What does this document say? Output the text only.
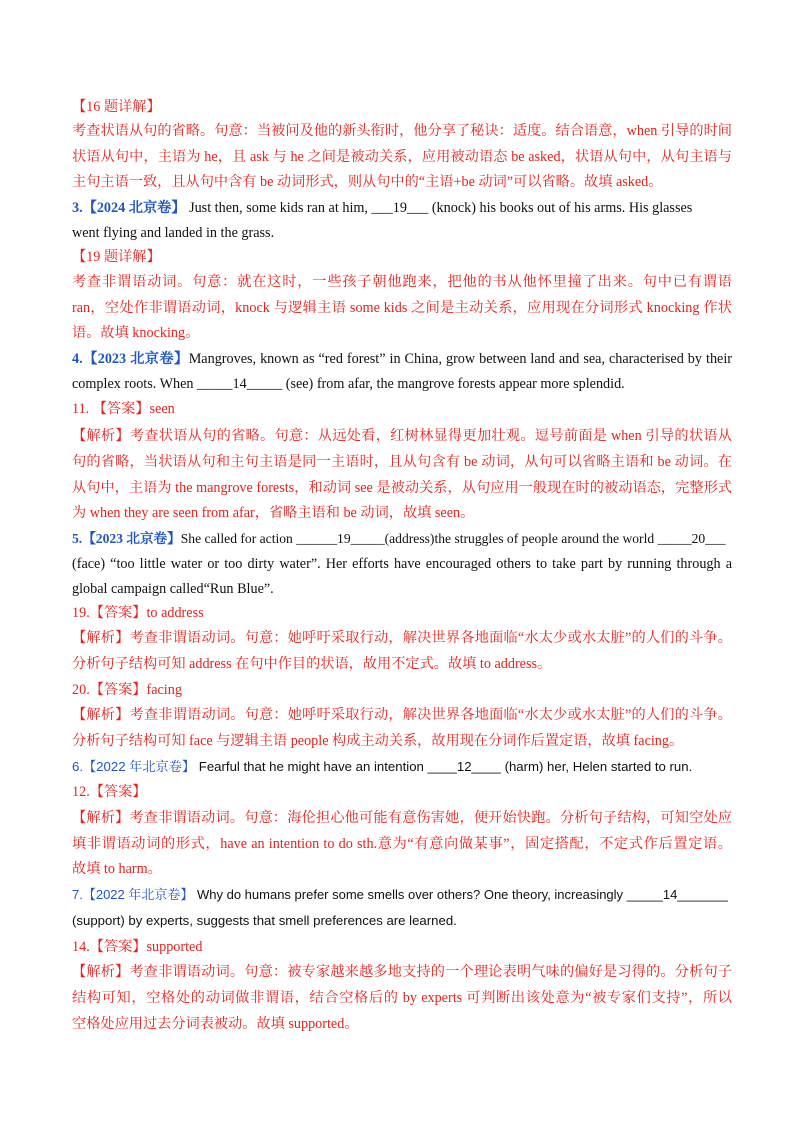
【16 题详解】
考查状语从句的省略。句意：当被问及他的新头衔时，他分享了秘诀：适度。结合语意，when 引导的时间
状语从句中，主语为 he，且 ask 与 he 之间是被动关系，应用被动语态 be asked，状语从句中，从句主语与
主句主语一致，且从句中含有 be 动词形式，则从句中的“主语+be 动词”可以省略。故填 asked。
3.【2024 北京卷】 Just then, some kids ran at him, ___19___ (knock) his books out of his arms. His glasses
went flying and landed in the grass.
【19 题详解】
考查非谓语动词。句意：就在这时，一些孩子朝他跑来，把他的书从他怀里撞了出来。句中已有谓语
ran，空处作非谓语动词，knock 与逻辑主语 some kids 之间是主动关系，应用现在分词形式 knocking 作状
语。故填 knocking。
4.【2023 北京卷】Mangroves, known as “red forest” in China, grow between land and sea, characterised by their
complex roots. When _____14_____ (see) from afar, the mangrove forests appear more splendid.
11. 【答案】seen
【解析】考查状语从句的省略。句意：从远处看，红树林显得更加壮观。逗号前面是 when 引导的状语从
句的省略，当状语从句和主句主语是同一主语时，且从句含有 be 动词，从句可以省略主语和 be 动词。在
从句中，主语为 the mangrove forests，和动词 see 是被动关系，从句应用一般现在时的被动语态，完整形式
为 when they are seen from afar，省略主语和 be 动词，故填 seen。
5.【2023 北京卷】She called for action ______19_____(address)the struggles of people around the world _____20___
(face) “too little water or too dirty water”. Her efforts have encouraged others to take part by running through a
global campaign called“Run Blue”.
19.【答案】to address
【解析】考查非谓语动词。句意：她呼吁采取行动，解决世界各地面临“水太少或水太脏”的人们的斗争。
分析句子结构可知 address 在句中作目的状语，故用不定式。故填 to address。
20.【答案】facing
【解析】考查非谓语动词。句意：她呼吁采取行动，解决世界各地面临“水太少或水太脏”的人们的斗争。
分析句子结构可知 face 与逻辑主语 people 构成主动关系，故用现在分词作后置定语，故填 facing。
6.【2022 年北京卷】 Fearful that he might have an intention ____12____ (harm) her, Helen started to run.
12.【答案】
【解析】考查非谓语动词。句意：海伦担心他可能有意伤害她，便开始快跑。分析句子结构，可知空处应
填非谓语动词的形式，have an intention to do sth.意为“有意向做某事”，固定搭配，不定式作后置定语。
故填 to harm。
7.【2022 年北京卷】 Why do humans prefer some smells over others? One theory, increasingly _____14_______
(support) by experts, suggests that smell preferences are learned.
14.【答案】supported
【解析】考查非谓语动词。句意：被专家越来越多地支持的一个理论表明气味的偏好是习得的。分析句子
结构可知，空格处的动词做非谓语，结合空格后的 by experts 可判断出该处意为“被专家们支持”，所以
空格处应用过去分词表被动。故填 supported。
